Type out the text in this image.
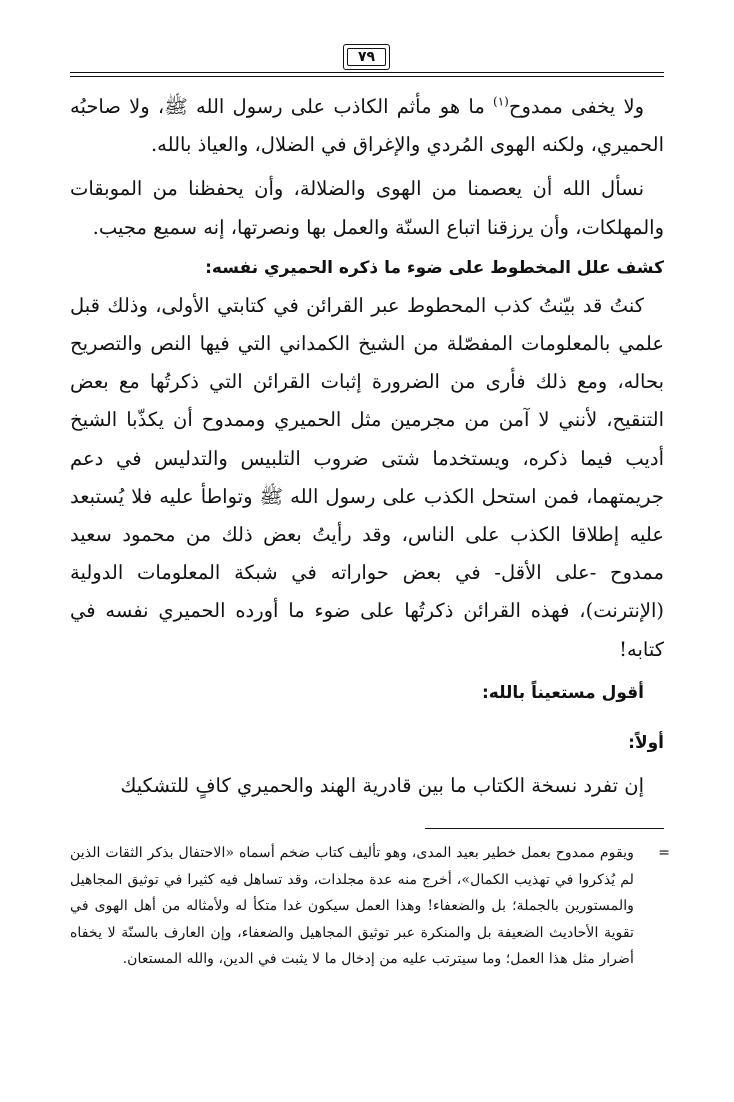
٧٩

ولا يخفى ممدوح$^{(١)}$ ما هو مأثم الكاذب على رسول الله ﷺ، ولا صاحبُه الحميري، ولكنه الهوى المُردي والإغراق في الضلال، والعياذ بالله.

نسأل الله أن يعصمنا من الهوى والضلالة، وأن يحفظنا من الموبقات والمهلكات، وأن يرزقنا اتباع السنّة والعمل بها ونصرتها، إنه سميع مجيب.

كشف علل المخطوط على ضوء ما ذكره الحميري نفسه:

كنتُ قد بيّنتُ كذب المحطوط عبر القرائن في كتابتي الأولى، وذلك قبل علمي بالمعلومات المفصّلة من الشيخ الكمداني التي فيها النص والتصريح بحاله، ومع ذلك فأرى من الضرورة إثبات القرائن التي ذكرتُها مع بعض التنقيح، لأنني لا آمن من مجرمين مثل الحميري وممدوح أن يكذّبا الشيخ أديب فيما ذكره، ويستخدما شتى ضروب التلبيس والتدليس في دعم جريمتهما، فمن استحل الكذب على رسول الله ﷺ وتواطأ عليه فلا يُستبعد عليه إطلاقا الكذب على الناس، وقد رأيتُ بعض ذلك من محمود سعيد ممدوح -على الأقل- في بعض حواراته في شبكة المعلومات الدولية (الإنترنت)، فهذه القرائن ذكرتُها على ضوء ما أورده الحميري نفسه في كتابه!

أقول مستعيناً بالله:
أولاً:

إن تفرد نسخة الكتاب ما بين قادرية الهند والحميري كافٍ للتشكيك

=
ويقوم ممدوح بعمل خطير بعيد المدى، وهو تأليف كتاب ضخم أسماه «الاحتفال بذكر الثقات الذين لم يُذكروا في تهذيب الكمال»، أخرج منه عدة مجلدات، وقد تساهل فيه كثيرا في توثيق المجاهيل والمستورين بالجملة؛ بل والضعفاء! وهذا العمل سيكون غدا متكأ له ولأمثاله من أهل الهوى في تقوية الأحاديث الضعيفة بل والمنكرة عبر توثيق المجاهيل والضعفاء، وإن العارف بالسنّة لا يخفاه أضرار مثل هذا العمل؛ وما سيترتب عليه من إدخال ما لا يثبت في الدين، والله المستعان.
